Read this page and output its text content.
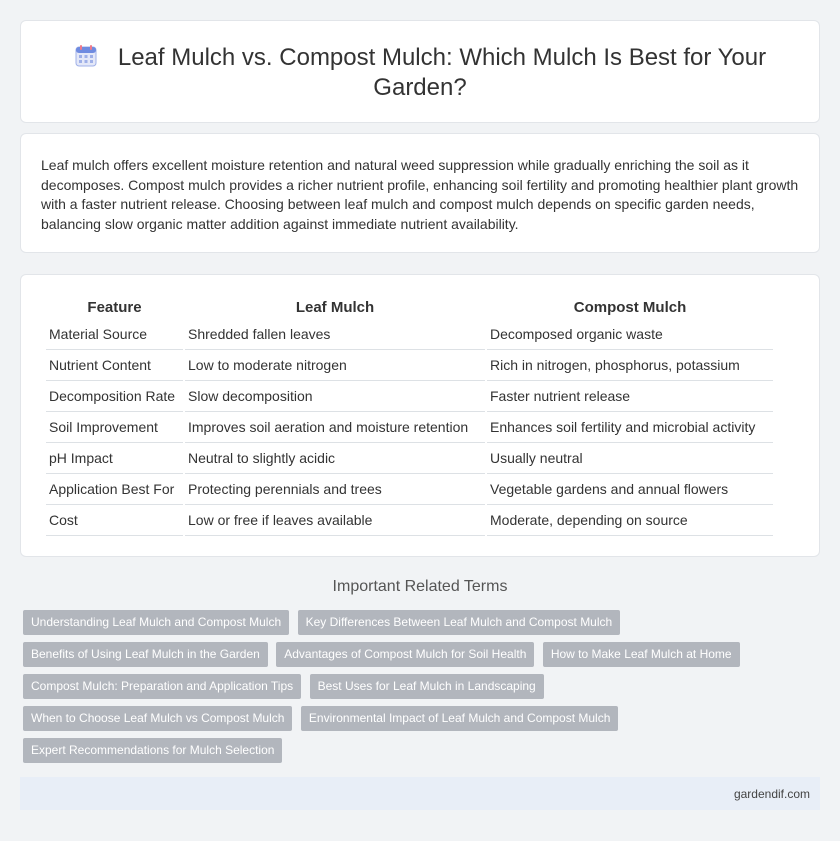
Leaf Mulch vs. Compost Mulch: Which Mulch Is Best for Your Garden?

Leaf mulch offers excellent moisture retention and natural weed suppression while gradually enriching the soil as it decomposes. Compost mulch provides a richer nutrient profile, enhancing soil fertility and promoting healthier plant growth with a faster nutrient release. Choosing between leaf mulch and compost mulch depends on specific garden needs, balancing slow organic matter addition against immediate nutrient availability.

Feature	Leaf Mulch	Compost Mulch
Material Source	Shredded fallen leaves	Decomposed organic waste
Nutrient Content	Low to moderate nitrogen	Rich in nitrogen, phosphorus, potassium
Decomposition Rate	Slow decomposition	Faster nutrient release
Soil Improvement	Improves soil aeration and moisture retention	Enhances soil fertility and microbial activity
pH Impact	Neutral to slightly acidic	Usually neutral
Application Best For	Protecting perennials and trees	Vegetable gardens and annual flowers
Cost	Low or free if leaves available	Moderate, depending on source
Important Related Terms
Understanding Leaf Mulch and Compost Mulch Key Differences Between Leaf Mulch and Compost Mulch
Benefits of Using Leaf Mulch in the Garden Advantages of Compost Mulch for Soil Health How to Make Leaf Mulch at Home
Compost Mulch: Preparation and Application Tips Best Uses for Leaf Mulch in Landscaping
When to Choose Leaf Mulch vs Compost Mulch Environmental Impact of Leaf Mulch and Compost Mulch
Expert Recommendations for Mulch Selection
gardendif.com
